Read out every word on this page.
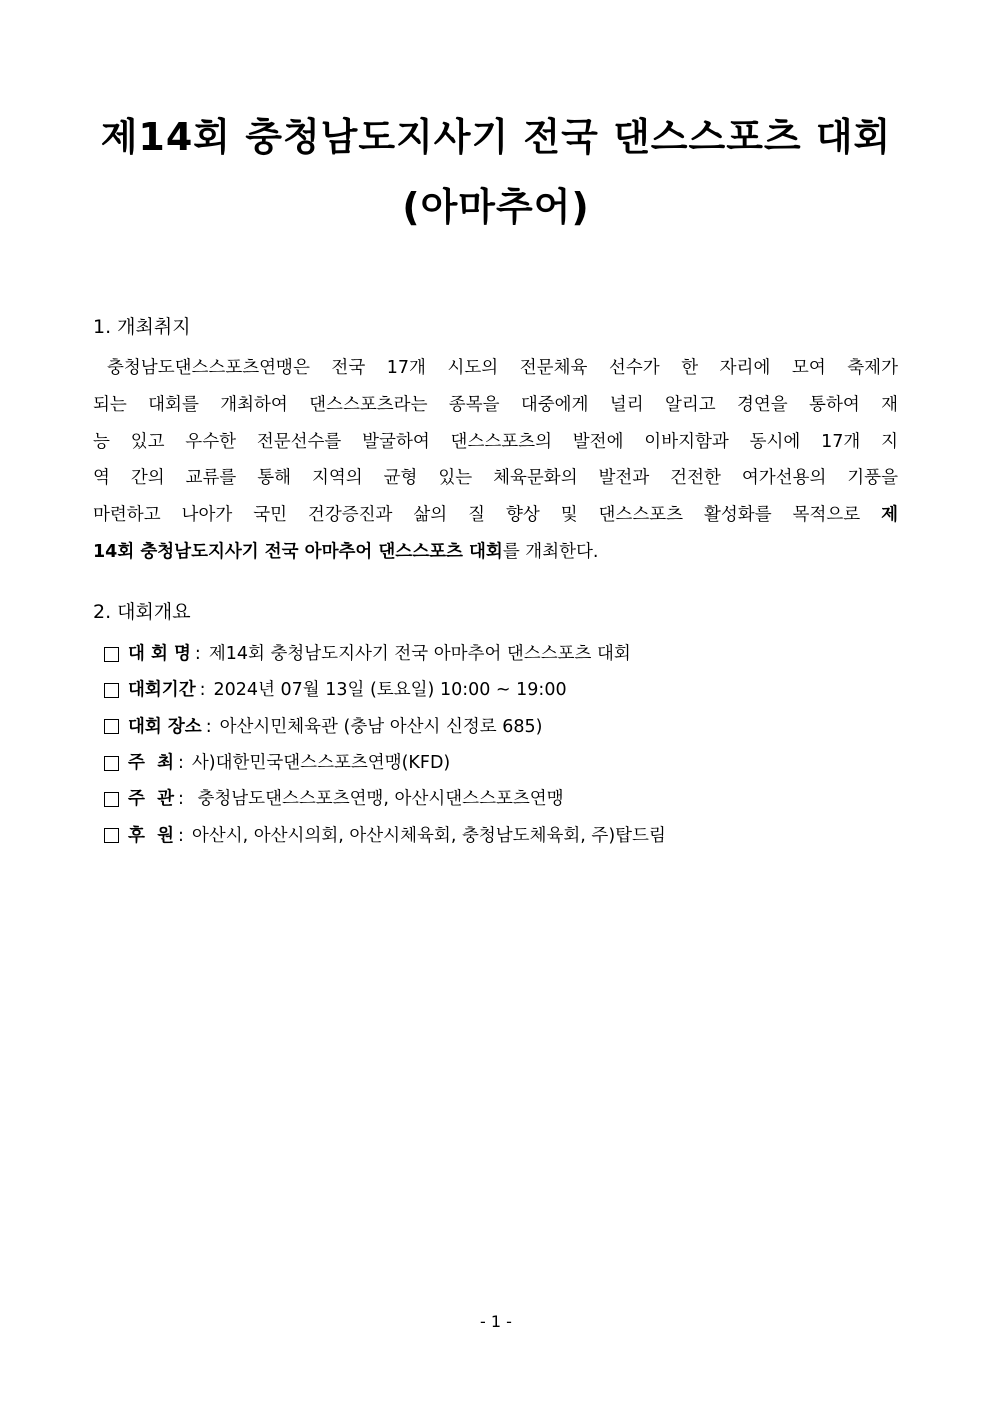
제14회 충청남도지사기 전국 댄스스포츠 대회
(아마추어)
1. 개최취지
충청남도댄스스포츠연맹은 전국 17개 시도의 전문체육 선수가 한 자리에 모여 축제가
되는 대회를 개최하여 댄스스포츠라는 종목을 대중에게 널리 알리고 경연을 통하여 재
능 있고 우수한 전문선수를 발굴하여 댄스스포츠의 발전에 이바지함과 동시에 17개 지
역 간의 교류를 통해 지역의 균형 있는 체육문화의 발전과 건전한 여가선용의 기풍을
마련하고 나아가 국민 건강증진과 삶의 질 향상 및 댄스스포츠 활성화를 목적으로 제
14회 충청남도지사기 전국 아마추어 댄스스포츠 대회를 개최한다.
2. 대회개요
대 회 명 : 제14회 충청남도지사기 전국 아마추어 댄스스포츠 대회
대회기간 : 2024년 07월 13일 (토요일) 10:00 ~ 19:00
대회 장소 : 아산시민체육관 (충남 아산시 신정로 685)
주  최 : 사)대한민국댄스스포츠연맹(KFD)
주  관 : 충청남도댄스스포츠연맹, 아산시댄스스포츠연맹
후  원 : 아산시, 아산시의회, 아산시체육회, 충청남도체육회, 주)탑드림
- 1 -
